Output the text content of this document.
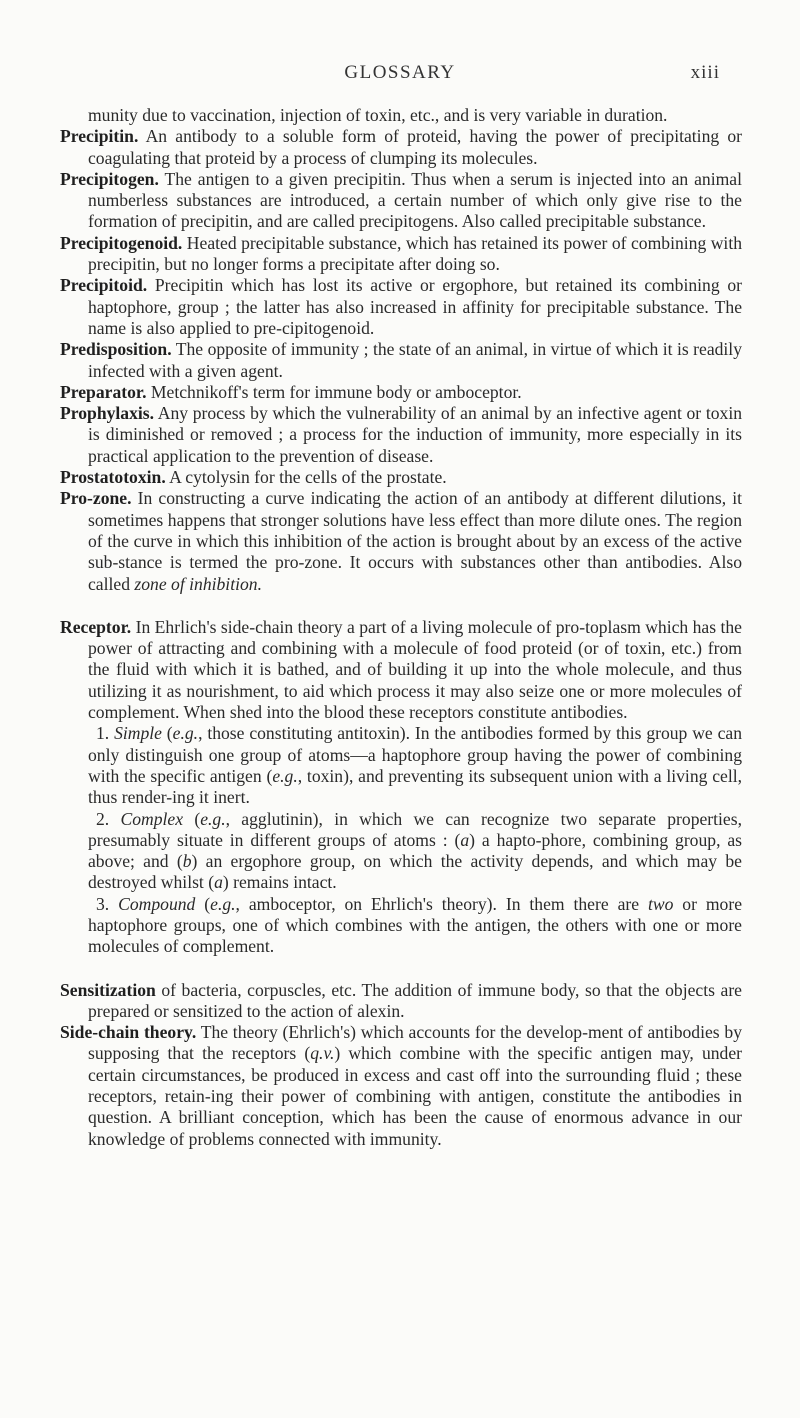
GLOSSARY	xiii

munity due to vaccination, injection of toxin, etc., and is very variable in duration.

Precipitin. An antibody to a soluble form of proteid, having the power of precipitating or coagulating that proteid by a process of clumping its molecules.

Precipitogen. The antigen to a given precipitin. Thus when a serum is injected into an animal numberless substances are introduced, a certain number of which only give rise to the formation of precipitin, and are called precipitogens. Also called precipitable substance.

Precipitogenoid. Heated precipitable substance, which has retained its power of combining with precipitin, but no longer forms a precipitate after doing so.

Precipitoid. Precipitin which has lost its active or ergophore, but retained its combining or haptophore, group ; the latter has also increased in affinity for precipitable substance. The name is also applied to pre-cipitogenoid.

Predisposition. The opposite of immunity ; the state of an animal, in virtue of which it is readily infected with a given agent.

Preparator. Metchnikoff's term for immune body or amboceptor.

Prophylaxis. Any process by which the vulnerability of an animal by an infective agent or toxin is diminished or removed ; a process for the induction of immunity, more especially in its practical application to the prevention of disease.

Prostatotoxin. A cytolysin for the cells of the prostate.

Pro-zone. In constructing a curve indicating the action of an antibody at different dilutions, it sometimes happens that stronger solutions have less effect than more dilute ones. The region of the curve in which this inhibition of the action is brought about by an excess of the active sub-stance is termed the pro-zone. It occurs with substances other than antibodies. Also called zone of inhibition.

Receptor. In Ehrlich's side-chain theory a part of a living molecule of pro-toplasm which has the power of attracting and combining with a molecule of food proteid (or of toxin, etc.) from the fluid with which it is bathed, and of building it up into the whole molecule, and thus utilizing it as nourishment, to aid which process it may also seize one or more molecules of complement. When shed into the blood these receptors constitute antibodies.

1. Simple (e.g., those constituting antitoxin). In the antibodies formed by this group we can only distinguish one group of atoms—a haptophore group having the power of combining with the specific antigen (e.g., toxin), and preventing its subsequent union with a living cell, thus render-ing it inert.

2. Complex (e.g., agglutinin), in which we can recognize two separate properties, presumably situate in different groups of atoms : (a) a hapto-phore, combining group, as above; and (b) an ergophore group, on which the activity depends, and which may be destroyed whilst (a) remains intact.

3. Compound (e.g., amboceptor, on Ehrlich's theory). In them there are two or more haptophore groups, one of which combines with the antigen, the others with one or more molecules of complement.

Sensitization of bacteria, corpuscles, etc. The addition of immune body, so that the objects are prepared or sensitized to the action of alexin.

Side-chain theory. The theory (Ehrlich's) which accounts for the develop-ment of antibodies by supposing that the receptors (q.v.) which combine with the specific antigen may, under certain circumstances, be produced in excess and cast off into the surrounding fluid ; these receptors, retain-ing their power of combining with antigen, constitute the antibodies in question. A brilliant conception, which has been the cause of enormous advance in our knowledge of problems connected with immunity.
